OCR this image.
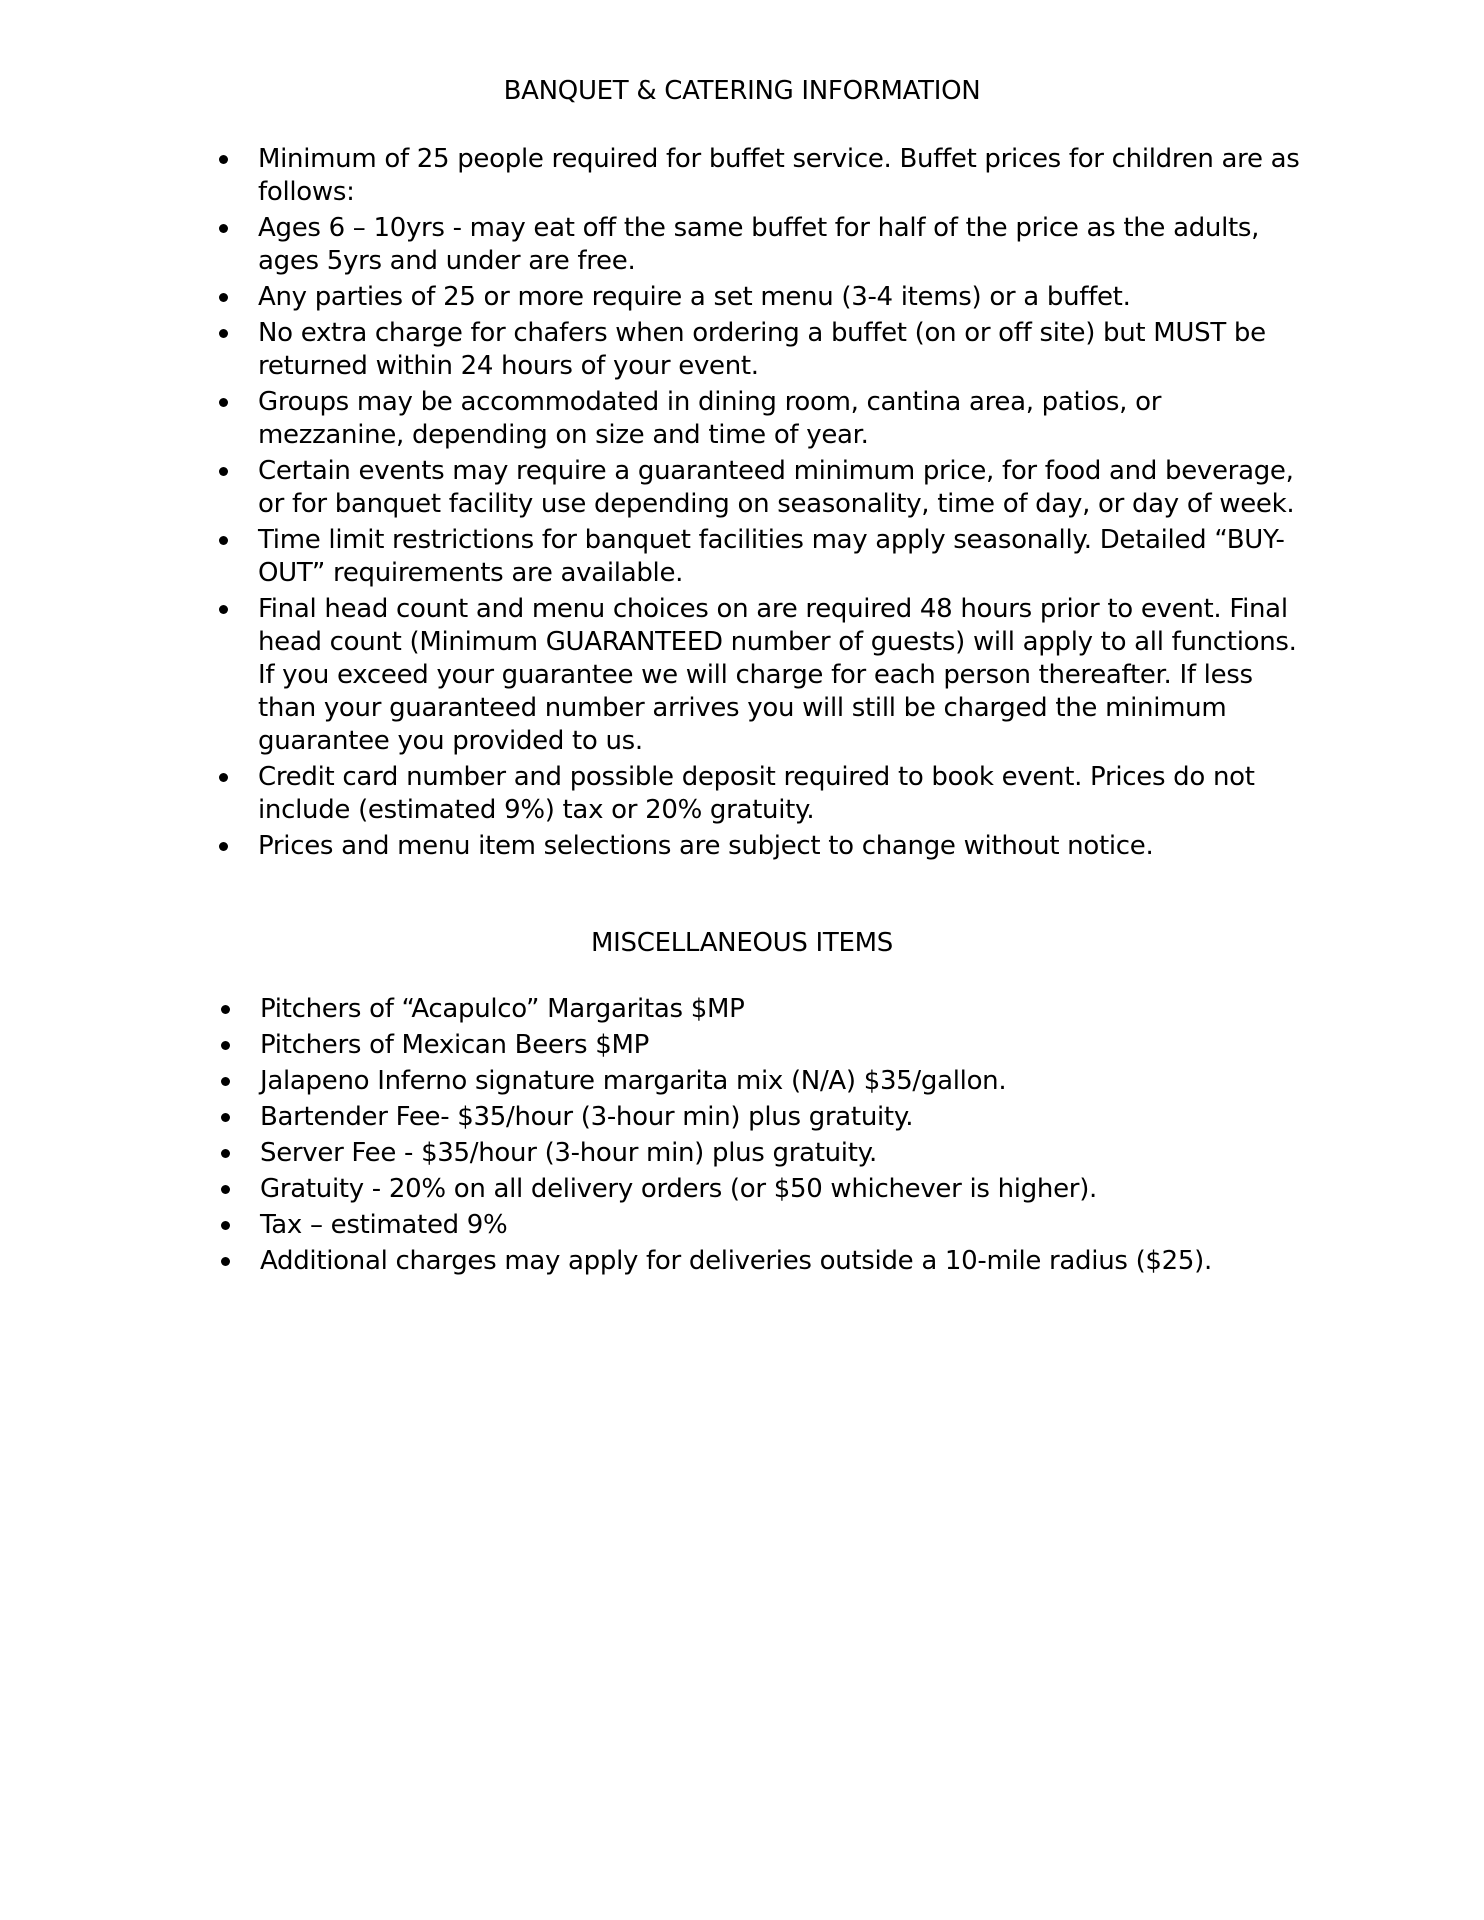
BANQUET & CATERING INFORMATION
Minimum of 25 people required for buffet service. Buffet prices for children are as follows:
Ages 6 – 10yrs - may eat off the same buffet for half of the price as the adults, ages 5yrs and under are free.
Any parties of 25 or more require a set menu (3-4 items) or a buffet.
No extra charge for chafers when ordering a buffet (on or off site) but MUST be returned within 24 hours of your event.
Groups may be accommodated in dining room, cantina area, patios, or mezzanine, depending on size and time of year.
Certain events may require a guaranteed minimum price, for food and beverage, or for banquet facility use depending on seasonality, time of day, or day of week.
Time limit restrictions for banquet facilities may apply seasonally. Detailed “BUY-OUT” requirements are available.
Final head count and menu choices on are required 48 hours prior to event. Final head count (Minimum GUARANTEED number of guests) will apply to all functions. If you exceed your guarantee we will charge for each person thereafter. If less than your guaranteed number arrives you will still be charged the minimum guarantee you provided to us.
Credit card number and possible deposit required to book event. Prices do not include (estimated 9%) tax or 20% gratuity.
Prices and menu item selections are subject to change without notice.
MISCELLANEOUS ITEMS
Pitchers of “Acapulco” Margaritas $MP
Pitchers of Mexican Beers $MP
Jalapeno Inferno signature margarita mix (N/A) $35/gallon.
Bartender Fee- $35/hour (3-hour min) plus gratuity.
Server Fee - $35/hour (3-hour min) plus gratuity.
Gratuity - 20% on all delivery orders (or $50 whichever is higher).
Tax – estimated 9%
Additional charges may apply for deliveries outside a 10-mile radius ($25).
